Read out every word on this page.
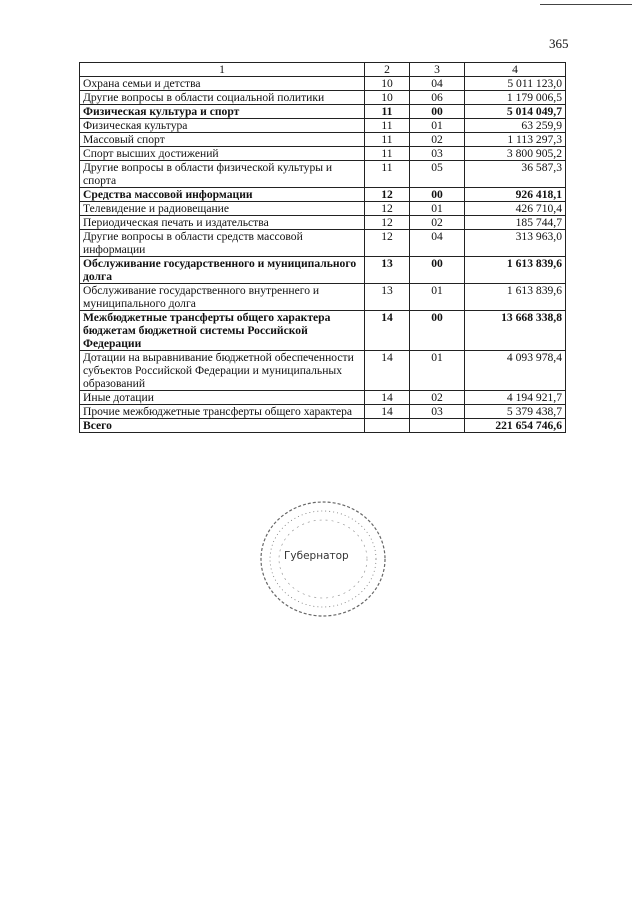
365
1	2	3	4
Охрана семьи и детства	10	04	5 011 123,0
Другие вопросы в области социальной политики	10	06	1 179 006,5
Физическая культура и спорт	11	00	5 014 049,7
Физическая культура	11	01	63 259,9
Массовый спорт	11	02	1 113 297,3
Спорт высших достижений	11	03	3 800 905,2
Другие вопросы в области физической культуры и спорта	11	05	36 587,3
Средства массовой информации	12	00	926 418,1
Телевидение и радиовещание	12	01	426 710,4
Периодическая печать и издательства	12	02	185 744,7
Другие вопросы в области средств массовой информации	12	04	313 963,0
Обслуживание государственного и муниципального долга	13	00	1 613 839,6
Обслуживание государственного внутреннего и муниципального долга	13	01	1 613 839,6
Межбюджетные трансферты общего характера бюджетам бюджетной системы Российской Федерации	14	00	13 668 338,8
Дотации на выравнивание бюджетной обеспеченности субъектов Российской Федерации и муниципальных образований	14	01	4 093 978,4
Иные дотации	14	02	4 194 921,7
Прочие межбюджетные трансферты общего характера	14	03	5 379 438,7
Всего			221 654 746,6
Губернатор
